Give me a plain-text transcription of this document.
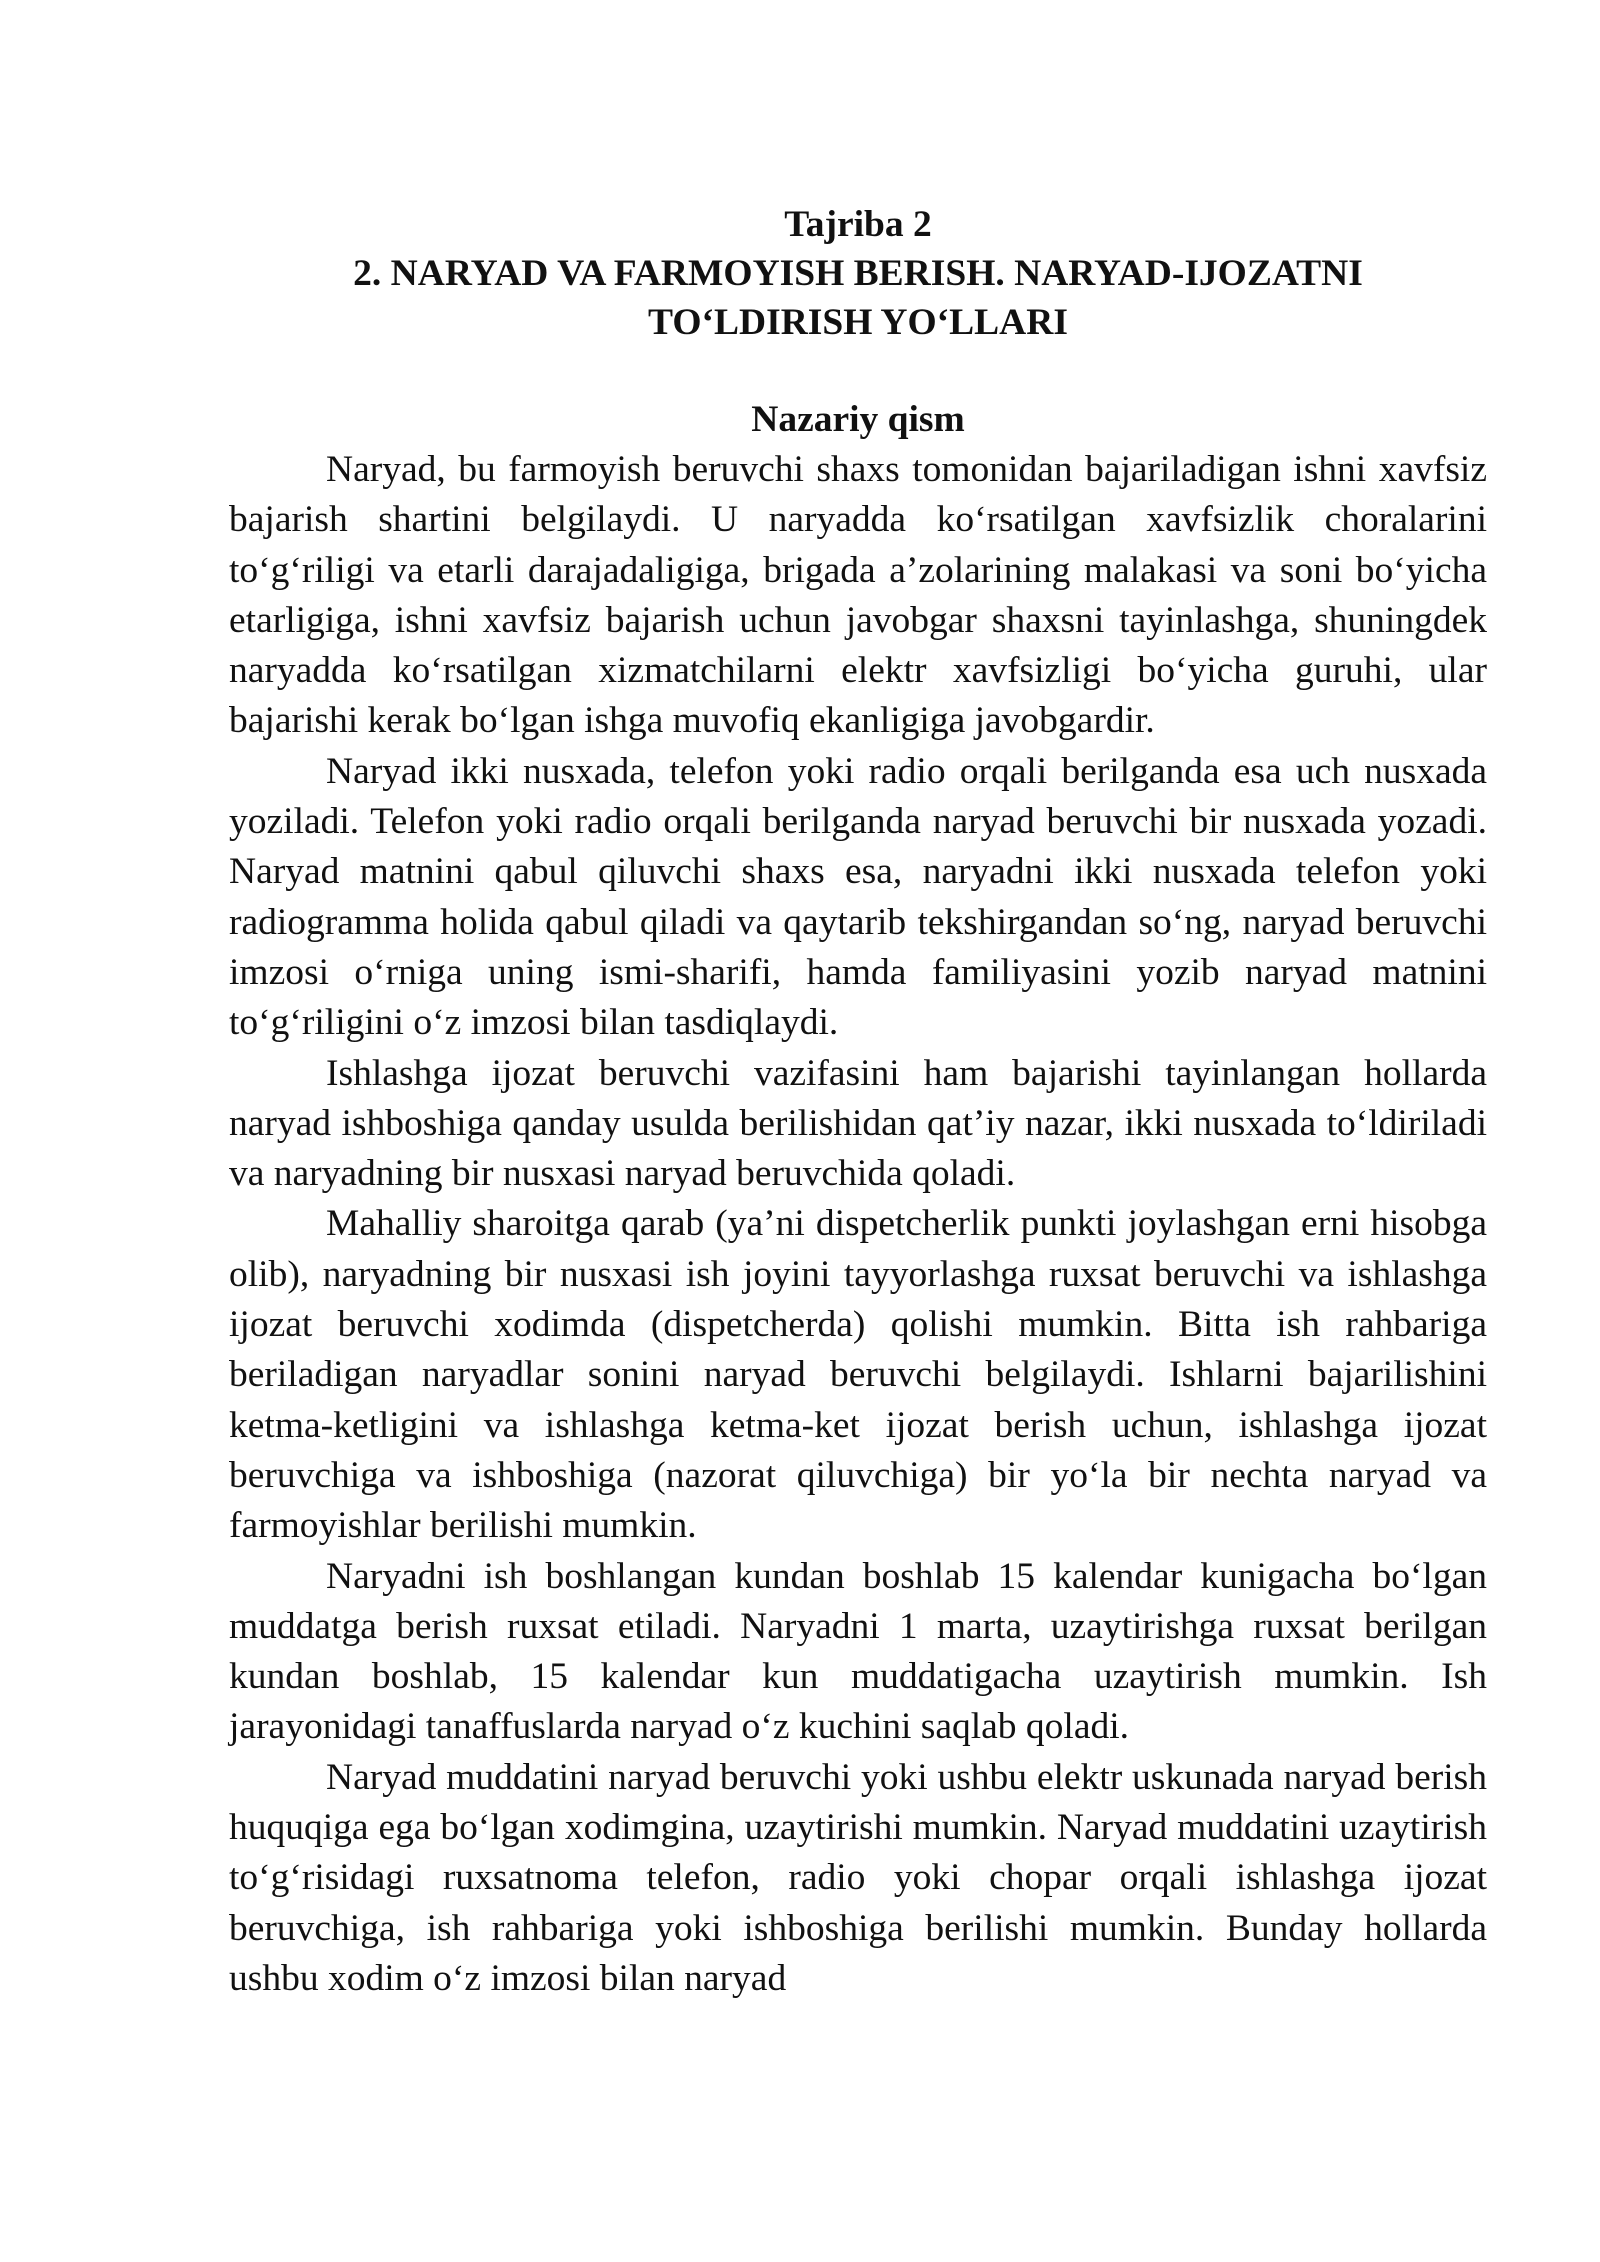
Tajriba 2

2. NARYAD VA FARMOYISH BERISH. NARYAD-IJOZATNI

TOʻLDIRISH YOʻLLARI

Nazariy qism

Naryad, bu farmoyish beruvchi shaxs tomonidan bajariladigan ishni xavfsiz bajarish shartini belgilaydi. U naryadda koʻrsatilgan xavfsizlik choralarini toʻgʻriligi va etarli darajadaligiga, brigada a’zolarining malakasi va soni boʻyicha etarligiga, ishni xavfsiz bajarish uchun javobgar shaxsni tayinlashga, shuningdek naryadda koʻrsatilgan xizmatchilarni elektr xavfsizligi boʻyicha guruhi, ular bajarishi kerak boʻlgan ishga muvofiq ekanligiga javobgardir.

Naryad ikki nusxada, telefon yoki radio orqali berilganda esa uch nusxada yoziladi. Telefon yoki radio orqali berilganda naryad beruvchi bir nusxada yozadi. Naryad matnini qabul qiluvchi shaxs esa, naryadni ikki nusxada telefon yoki radiogramma holida qabul qiladi va qaytarib tekshirgandan soʻng, naryad beruvchi imzosi oʻrniga uning ismi-sharifi, hamda familiyasini yozib naryad matnini toʻgʻriligini oʻz imzosi bilan tasdiqlaydi.

Ishlashga ijozat beruvchi vazifasini ham bajarishi tayinlangan hollarda naryad ishboshiga qanday usulda berilishidan qat’iy nazar, ikki nusxada toʻldiriladi va naryadning bir nusxasi naryad beruvchida qoladi.

Mahalliy sharoitga qarab (ya’ni dispetcherlik punkti joylashgan erni hisobga olib), naryadning bir nusxasi ish joyini tayyorlashga ruxsat beruvchi va ishlashga ijozat beruvchi xodimda (dispetcherda) qolishi mumkin. Bitta ish rahbariga beriladigan naryadlar sonini naryad beruvchi belgilaydi. Ishlarni bajarilishini ketma-ketligini va ishlashga ketma-ket ijozat berish uchun, ishlashga ijozat beruvchiga va ishboshiga (nazorat qiluvchiga) bir yoʻla bir nechta naryad va farmoyishlar berilishi mumkin.

Naryadni ish boshlangan kundan boshlab 15 kalendar kunigacha boʻlgan muddatga berish ruxsat etiladi. Naryadni 1 marta, uzaytirishga ruxsat berilgan kundan boshlab, 15 kalendar kun muddatigacha uzaytirish mumkin. Ish jarayonidagi tanaffuslarda naryad oʻz kuchini saqlab qoladi.

Naryad muddatini naryad beruvchi yoki ushbu elektr uskunada naryad berish huquqiga ega boʻlgan xodimgina, uzaytirishi mumkin. Naryad muddatini uzaytirish toʻgʻrisidagi ruxsatnoma telefon, radio yoki chopar orqali ishlashga ijozat beruvchiga, ish rahbariga yoki ishboshiga berilishi mumkin. Bunday hollarda ushbu xodim oʻz imzosi bilan naryad
